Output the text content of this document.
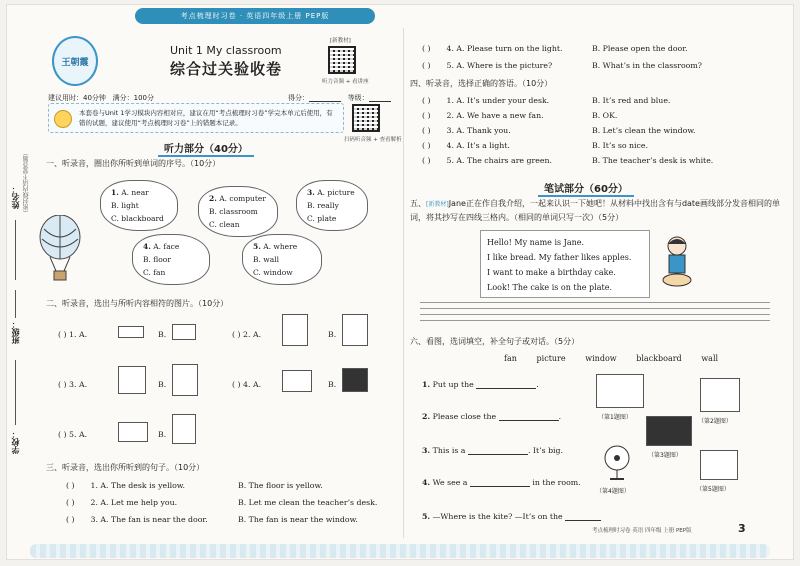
姓名：
班级：
学校：
（密封线内请不要答题）
考点梳理时习卷 · 英语四年级上册 PEP版
王朝霞
Unit 1 My classroom
综合过关验收卷
[新教材]
听力音频 + 看讲座
扫码听音频 + 查看解析
建议用时：40分钟 满分：100分	得分：	等级：
本套卷与Unit 1学习模块内容相对应，建议在用“考点梳理时习卷”学完本单元后使用，有错的试题，建议使用“考点梳理时习卷”上的错题本记录。
听力部分（40分）
一、听录音，圈出你所听到单词的序号。（10分）
1. A. near
B. light
C. blackboard
2. A. computer
B. classroom
C. clean
3. A. picture
B. really
C. plate
4. A. face
B. floor
C. fan
5. A. where
B. wall
C. window
二、听录音，选出与所听内容相符的图片。（10分）
( ) 1. A.	B.	( ) 2. A.	B.
( ) 3. A.	B.	( ) 4. A.	B.
( ) 5. A.	B.
三、听录音，选出你所听到的句子。（10分）
( ) 1. A. The desk is yellow.	B. The floor is yellow.
( ) 2. A. Let me help you.	B. Let me clean the teacher’s desk.
( ) 3. A. The fan is near the door.	B. The fan is near the window.
( ) 4. A. Please turn on the light.	B. Please open the door.
( ) 5. A. Where is the picture?	B. What’s in the classroom?
四、听录音，选择正确的答语。（10分）
( ) 1. A. It’s under your desk.	B. It’s red and blue.
( ) 2. A. We have a new fan.	B. OK.
( ) 3. A. Thank you.	B. Let’s clean the window.
( ) 4. A. It’s a light.	B. It’s so nice.
( ) 5. A. The chairs are green.	B. The teacher’s desk is white.
笔试部分（60分）
五、[新教材]Jane正在作自我介绍，一起来认识一下她吧！从材料中找出含有与date画线部分发音相同的单词，将其抄写在四线三格内。（相同的单词只写一次）（5分）
Hello! My name is Jane.
I like bread. My father likes apples.
I want to make a birthday cake.
Look! The cake is on the plate.
六、看图，选词填空，补全句子或对话。（5分）
fan picture window blackboard wall
1. Put up the	.
2. Please close the	.
3. This is a	. It’s big.
4. We see a	in the room.
5. —Where is the kite? —It’s on the
（第1题图）
（第2题图）
（第3题图）
（第4题图）	（第5题图）
考点梳理时习卷 英语 四年级 上册 PEP版	3
